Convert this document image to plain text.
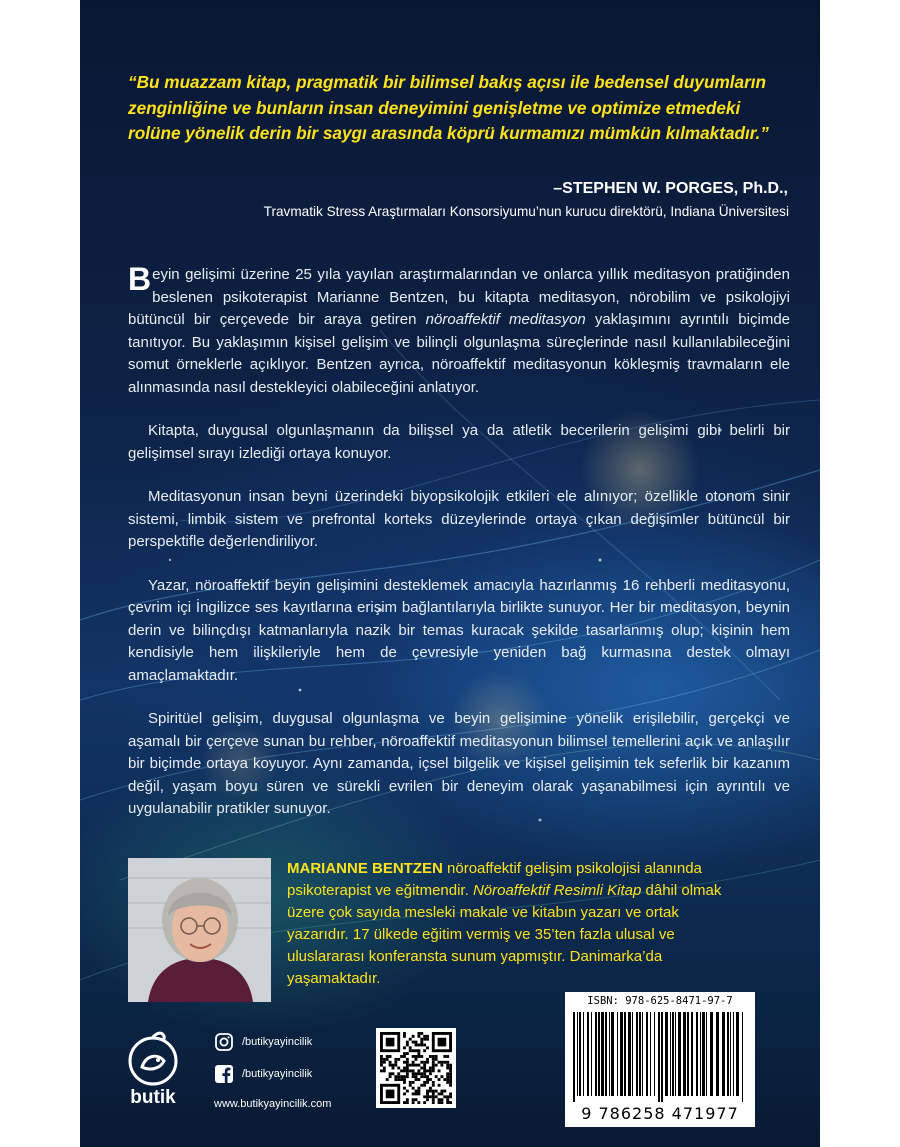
“Bu muazzam kitap, pragmatik bir bilimsel bakış açısı ile bedensel duyumların zenginliğine ve bunların insan deneyimini genişletme ve optimize etmedeki rolüne yönelik derin bir saygı arasında köprü kurmamızı mümkün kılmaktadır.”

–STEPHEN W. PORGES, Ph.D.,

Travmatik Stress Araştırmaları Konsorsiyumu’nun kurucu direktörü, Indiana Üniversitesi

Beyin gelişimi üzerine 25 yıla yayılan araştırmalarından ve onlarca yıllık meditasyon pratiğinden beslenen psikoterapist Marianne Bentzen, bu kitapta meditasyon, nörobilim ve psikolojiyi bütüncül bir çerçevede bir araya getiren nöroaffektif meditasyon yaklaşımını ayrıntılı biçimde tanıtıyor. Bu yaklaşımın kişisel gelişim ve bilinçli olgunlaşma süreçlerinde nasıl kullanılabileceğini somut örneklerle açıklıyor. Bentzen ayrıca, nöroaffektif meditasyonun kökleşmiş travmaların ele alınmasında nasıl destekleyici olabileceğini anlatıyor.

Kitapta, duygusal olgunlaşmanın da bilişsel ya da atletik becerilerin gelişimi gibi belirli bir gelişimsel sırayı izlediği ortaya konuyor.

Meditasyonun insan beyni üzerindeki biyopsikolojik etkileri ele alınıyor; özellikle otonom sinir sistemi, limbik sistem ve prefrontal korteks düzeylerinde ortaya çıkan değişimler bütüncül bir perspektifle değerlendiriliyor.

Yazar, nöroaffektif beyin gelişimini desteklemek amacıyla hazırlanmış 16 rehberli meditasyonu, çevrim içi İngilizce ses kayıtlarına erişim bağlantılarıyla birlikte sunuyor. Her bir meditasyon, beynin derin ve bilinçdışı katmanlarıyla nazik bir temas kuracak şekilde tasarlanmış olup; kişinin hem kendisiyle hem ilişkileriyle hem de çevresiyle yeniden bağ kurmasına destek olmayı amaçlamaktadır.

Spiritüel gelişim, duygusal olgunlaşma ve beyin gelişimine yönelik erişilebilir, gerçekçi ve aşamalı bir çerçeve sunan bu rehber, nöroaffektif meditasyonun bilimsel temellerini açık ve anlaşılır bir biçimde ortaya koyuyor. Aynı zamanda, içsel bilgelik ve kişisel gelişimin tek seferlik bir kazanım değil, yaşam boyu süren ve sürekli evrilen bir deneyim olarak yaşanabilmesi için ayrıntılı ve uygulanabilir pratikler sunuyor.

MARIANNE BENTZEN nöroaffektif gelişim psikolojisi alanında psikoterapist ve eğitmendir. Nöroaffektif Resimli Kitap dâhil olmak üzere çok sayıda mesleki makale ve kitabın yazarı ve ortak yazarıdır. 17 ülkede eğitim vermiş ve 35’ten fazla ulusal ve uluslararası konferansta sunum yapmıştır. Danimarka’da yaşamaktadır.

ISBN: 978-625-8471-97-7
9 786258 471977
butik
/butikyayincilik
/butikyayincilik
www.butikyayincilik.com
